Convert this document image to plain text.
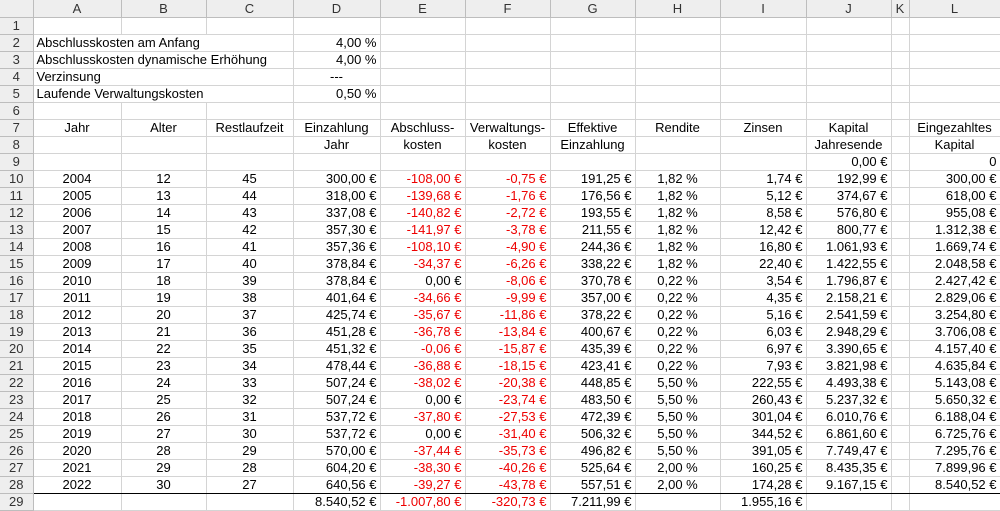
	A	B	C	D	E	F	G	H	I	J	K	L
1												
2	Abschlusskosten am Anfang			4,00 %								
3	Abschlusskosten dynamische Erhöhung			4,00 %								
4	Verzinsung			---								
5	Laufende Verwaltungskosten			0,50 %								
6												
7	Jahr	Alter	Restlaufzeit	Einzahlung	Abschluss-	Verwaltungs-	Effektive	Rendite	Zinsen	Kapital		Eingezahltes
8				Jahr	kosten	kosten	Einzahlung			Jahresende		Kapital
9										0,00 €		0
10	2004	12	45	300,00 €	-108,00 €	-0,75 €	191,25 €	1,82 %	1,74 €	192,99 €		300,00 €
11	2005	13	44	318,00 €	-139,68 €	-1,76 €	176,56 €	1,82 %	5,12 €	374,67 €		618,00 €
12	2006	14	43	337,08 €	-140,82 €	-2,72 €	193,55 €	1,82 %	8,58 €	576,80 €		955,08 €
13	2007	15	42	357,30 €	-141,97 €	-3,78 €	211,55 €	1,82 %	12,42 €	800,77 €		1.312,38 €
14	2008	16	41	357,36 €	-108,10 €	-4,90 €	244,36 €	1,82 %	16,80 €	1.061,93 €		1.669,74 €
15	2009	17	40	378,84 €	-34,37 €	-6,26 €	338,22 €	1,82 %	22,40 €	1.422,55 €		2.048,58 €
16	2010	18	39	378,84 €	0,00 €	-8,06 €	370,78 €	0,22 %	3,54 €	1.796,87 €		2.427,42 €
17	2011	19	38	401,64 €	-34,66 €	-9,99 €	357,00 €	0,22 %	4,35 €	2.158,21 €		2.829,06 €
18	2012	20	37	425,74 €	-35,67 €	-11,86 €	378,22 €	0,22 %	5,16 €	2.541,59 €		3.254,80 €
19	2013	21	36	451,28 €	-36,78 €	-13,84 €	400,67 €	0,22 %	6,03 €	2.948,29 €		3.706,08 €
20	2014	22	35	451,32 €	-0,06 €	-15,87 €	435,39 €	0,22 %	6,97 €	3.390,65 €		4.157,40 €
21	2015	23	34	478,44 €	-36,88 €	-18,15 €	423,41 €	0,22 %	7,93 €	3.821,98 €		4.635,84 €
22	2016	24	33	507,24 €	-38,02 €	-20,38 €	448,85 €	5,50 %	222,55 €	4.493,38 €		5.143,08 €
23	2017	25	32	507,24 €	0,00 €	-23,74 €	483,50 €	5,50 %	260,43 €	5.237,32 €		5.650,32 €
24	2018	26	31	537,72 €	-37,80 €	-27,53 €	472,39 €	5,50 %	301,04 €	6.010,76 €		6.188,04 €
25	2019	27	30	537,72 €	0,00 €	-31,40 €	506,32 €	5,50 %	344,52 €	6.861,60 €		6.725,76 €
26	2020	28	29	570,00 €	-37,44 €	-35,73 €	496,82 €	5,50 %	391,05 €	7.749,47 €		7.295,76 €
27	2021	29	28	604,20 €	-38,30 €	-40,26 €	525,64 €	2,00 %	160,25 €	8.435,35 €		7.899,96 €
28	2022	30	27	640,56 €	-39,27 €	-43,78 €	557,51 €	2,00 %	174,28 €	9.167,15 €		8.540,52 €
29				8.540,52 €	-1.007,80 €	-320,73 €	7.211,99 €		1.955,16 €			
